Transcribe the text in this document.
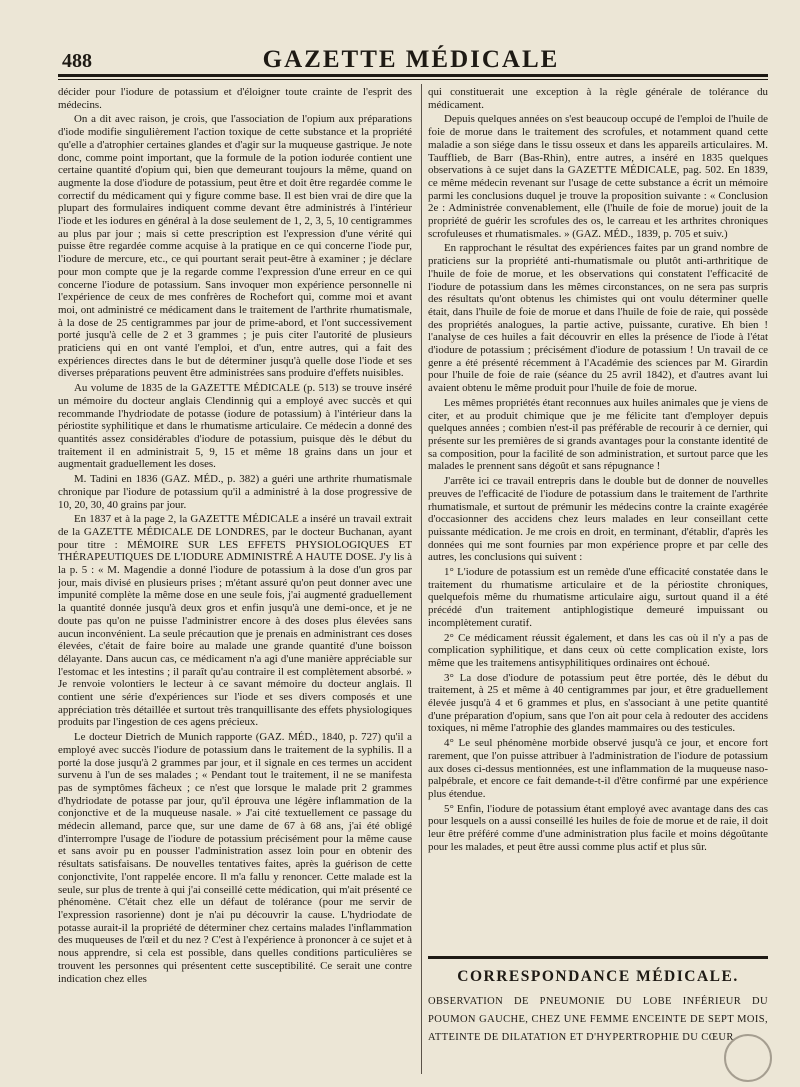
488	GAZETTE MÉDICALE

décider pour l'iodure de potassium et d'éloigner toute crainte de l'esprit des médecins.

On a dit avec raison, je crois, que l'association de l'opium aux préparations d'iode modifie singulièrement l'action toxique de cette substance et la propriété qu'elle a d'atrophier certaines glandes et d'agir sur la muqueuse gastrique. Je note donc, comme point important, que la formule de la potion iodurée contient une certaine quantité d'opium qui, bien que demeurant toujours la même, quand on augmente la dose d'iodure de potassium, peut être et doit être regardée comme le correctif du médicament qui y figure comme base. Il est bien vrai de dire que la plupart des formulaires indiquent comme devant être administrés à l'intérieur l'iode et les iodures en général à la dose seulement de 1, 2, 3, 5, 10 centigrammes au plus par jour ; mais si cette prescription est l'expression d'une vérité qui puisse être regardée comme acquise à la pratique en ce qui concerne l'iode pur, l'iodure de mercure, etc., ce qui pourtant serait peut-être à examiner ; je déclare pour mon compte que je la regarde comme l'expression d'une erreur en ce qui concerne l'iodure de potassium. Sans invoquer mon expérience personnelle ni l'expérience de ceux de mes confrères de Rochefort qui, comme moi et avant moi, ont administré ce médicament dans le traitement de l'arthrite rhumatismale, à la dose de 25 centigrammes par jour de prime-abord, et l'ont successivement porté jusqu'à celle de 2 et 3 grammes ; je puis citer l'autorité de plusieurs praticiens qui en ont vanté l'emploi, et d'un, entre autres, qui a fait des expériences directes dans le but de déterminer jusqu'à quelle dose l'iode et ses diverses préparations peuvent être administrées sans produire d'effets nuisibles.

Au volume de 1835 de la GAZETTE MÉDICALE (p. 513) se trouve inséré un mémoire du docteur anglais Clendinnig qui a employé avec succès et qui recommande l'hydriodate de potasse (iodure de potassium) à l'intérieur dans la périostite syphilitique et dans le rhumatisme articulaire. Ce médecin a donné des quantités assez considérables d'iodure de potassium, puisque dès le début du traitement il en administrait 5, 9, 15 et même 18 grains dans un jour et augmentait graduellement les doses.

M. Tadini en 1836 (GAZ. MÉD., p. 382) a guéri une arthrite rhumatismale chronique par l'iodure de potassium qu'il a administré à la dose progressive de 10, 20, 30, 40 grains par jour.

En 1837 et à la page 2, la GAZETTE MÉDICALE a inséré un travail extrait de la GAZETTE MÉDICALE DE LONDRES, par le docteur Buchanan, ayant pour titre : MÉMOIRE SUR LES EFFETS PHYSIOLOGIQUES ET THÉRAPEUTIQUES DE L'IODURE ADMINISTRÉ A HAUTE DOSE. J'y lis à la p. 5 : « M. Magendie a donné l'iodure de potassium à la dose d'un gros par jour, mais divisé en plusieurs prises ; m'étant assuré qu'on peut donner avec une impunité complète la même dose en une seule fois, j'ai augmenté graduellement la quantité donnée jusqu'à deux gros et enfin jusqu'à une demi-once, et je ne doute pas qu'on ne puisse l'administrer encore à des doses plus élevées sans aucun inconvénient. La seule précaution que je prenais en administrant ces doses élevées, c'était de faire boire au malade une grande quantité d'une boisson délayante. Dans aucun cas, ce médicament n'a agi d'une manière appréciable sur l'estomac et les intestins ; il paraît qu'au contraire il est complètement absorbé. » Je renvoie volontiers le lecteur à ce savant mémoire du docteur anglais. Il contient une série d'expériences sur l'iode et ses divers composés et une appréciation très détaillée et surtout très tranquillisante des effets physiologiques produits par l'ingestion de ces agens précieux.

Le docteur Dietrich de Munich rapporte (GAZ. MÉD., 1840, p. 727) qu'il a employé avec succès l'iodure de potassium dans le traitement de la syphilis. Il a porté la dose jusqu'à 2 grammes par jour, et il signale en ces termes un accident survenu à l'un de ses malades ; « Pendant tout le traitement, il ne se manifesta pas de symptômes fâcheux ; ce n'est que lorsque le malade prit 2 grammes d'hydriodate de potasse par jour, qu'il éprouva une légère inflammation de la conjonctive et de la muqueuse nasale. » J'ai cité textuellement ce passage du médecin allemand, parce que, sur une dame de 67 à 68 ans, j'ai été obligé d'interrompre l'usage de l'iodure de potassium précisément pour la même cause et sans avoir pu en pousser l'administration assez loin pour en obtenir des résultats satisfaisans. De nouvelles tentatives faites, après la guérison de cette conjonctivite, l'ont rappelée encore. Il m'a fallu y renoncer. Cette malade est la seule, sur plus de trente à qui j'ai conseillé cette médication, qui m'ait présenté ce phénomène. C'était chez elle un défaut de tolérance (pour me servir de l'expression rasorienne) dont je n'ai pu découvrir la cause. L'hydriodate de potasse aurait-il la propriété de déterminer chez certains malades l'inflammation des muqueuses de l'œil et du nez ? C'est à l'expérience à prononcer à ce sujet et à nous apprendre, si cela est possible, dans quelles conditions particulières se trouvent les personnes qui présentent cette susceptibilité. Ce serait une contre indication chez elles

qui constituerait une exception à la règle générale de tolérance du médicament.

Depuis quelques années on s'est beaucoup occupé de l'emploi de l'huile de foie de morue dans le traitement des scrofules, et notamment quand cette maladie a son siége dans le tissu osseux et dans les appareils articulaires. M. Taufflieb, de Barr (Bas-Rhin), entre autres, a inséré en 1835 quelques observations à ce sujet dans la GAZETTE MÉDICALE, pag. 502. En 1839, ce même médecin revenant sur l'usage de cette substance a écrit un mémoire parmi les conclusions duquel je trouve la proposition suivante : « Conclusion 2e : Administrée convenablement, elle (l'huile de foie de morue) jouit de la propriété de guérir les scrofules des os, le carreau et les arthrites chroniques scrofuleuses et rhumatismales. » (GAZ. MÉD., 1839, p. 705 et suiv.)

En rapprochant le résultat des expériences faites par un grand nombre de praticiens sur la propriété anti-rhumatismale ou plutôt anti-arthritique de l'huile de foie de morue, et les observations qui constatent l'efficacité de l'iodure de potassium dans les mêmes circonstances, on ne sera pas surpris des résultats qu'ont obtenus les chimistes qui ont voulu déterminer quelle était, dans l'huile de foie de morue et dans l'huile de foie de raie, qui possède des propriétés analogues, la partie active, puissante, curative. Eh bien ! l'analyse de ces huiles a fait découvrir en elles la présence de l'iode à l'état d'iodure de potassium ; précisément d'iodure de potassium ! Un travail de ce genre a été présenté récemment à l'Académie des sciences par M. Girardin pour l'huile de foie de raie (séance du 25 avril 1842), et d'autres avant lui avaient obtenu le même produit pour l'huile de foie de morue.

Les mêmes propriétés étant reconnues aux huiles animales que je viens de citer, et au produit chimique que je me félicite tant d'employer depuis quelques années ; combien n'est-il pas préférable de recourir à ce dernier, qui présente sur les premières de si grands avantages pour la constante identité de sa composition, pour la facilité de son administration, et surtout parce que les malades le prennent sans dégoût et sans répugnance !

J'arrête ici ce travail entrepris dans le double but de donner de nouvelles preuves de l'efficacité de l'iodure de potassium dans le traitement de l'arthrite rhumatismale, et surtout de prémunir les médecins contre la crainte exagérée d'occasionner des accidens chez leurs malades en leur conseillant cette puissante médication. Je me crois en droit, en terminant, d'établir, d'après les données qui me sont fournies par mon expérience propre et par celle des autres, les conclusions qui suivent :

1° L'iodure de potassium est un remède d'une efficacité constatée dans le traitement du rhumatisme articulaire et de la périostite chroniques, quelquefois même du rhumatisme articulaire aigu, surtout quand il a été précédé d'un traitement antiphlogistique demeuré impuissant ou incomplètement curatif.

2° Ce médicament réussit également, et dans les cas où il n'y a pas de complication syphilitique, et dans ceux où cette complication existe, lors même que les traitemens antisyphilitiques ordinaires ont échoué.

3° La dose d'iodure de potassium peut être portée, dès le début du traitement, à 25 et même à 40 centigrammes par jour, et être graduellement élevée jusqu'à 4 et 6 grammes et plus, en s'associant à une petite quantité d'une préparation d'opium, sans que l'on ait pour cela à redouter des accidens toxiques, ni même l'atrophie des glandes mammaires ou des testicules.

4° Le seul phénomène morbide observé jusqu'à ce jour, et encore fort rarement, que l'on puisse attribuer à l'administration de l'iodure de potassium aux doses ci-dessus mentionnées, est une inflammation de la muqueuse naso-palpébrale, et encore ce fait demande-t-il d'être confirmé par une expérience plus étendue.

5° Enfin, l'iodure de potassium étant employé avec avantage dans des cas pour lesquels on a aussi conseillé les huiles de foie de morue et de raie, il doit leur être préféré comme d'une administration plus facile et moins dégoûtante pour les malades, et peut être aussi comme plus actif et plus sûr.

CORRESPONDANCE MÉDICALE.
OBSERVATION DE PNEUMONIE DU LOBE INFÉRIEUR DU POUMON GAUCHE, CHEZ UNE FEMME ENCEINTE DE SEPT MOIS, ATTEINTE DE DILATATION ET D'HYPERTROPHIE DU CŒUR
